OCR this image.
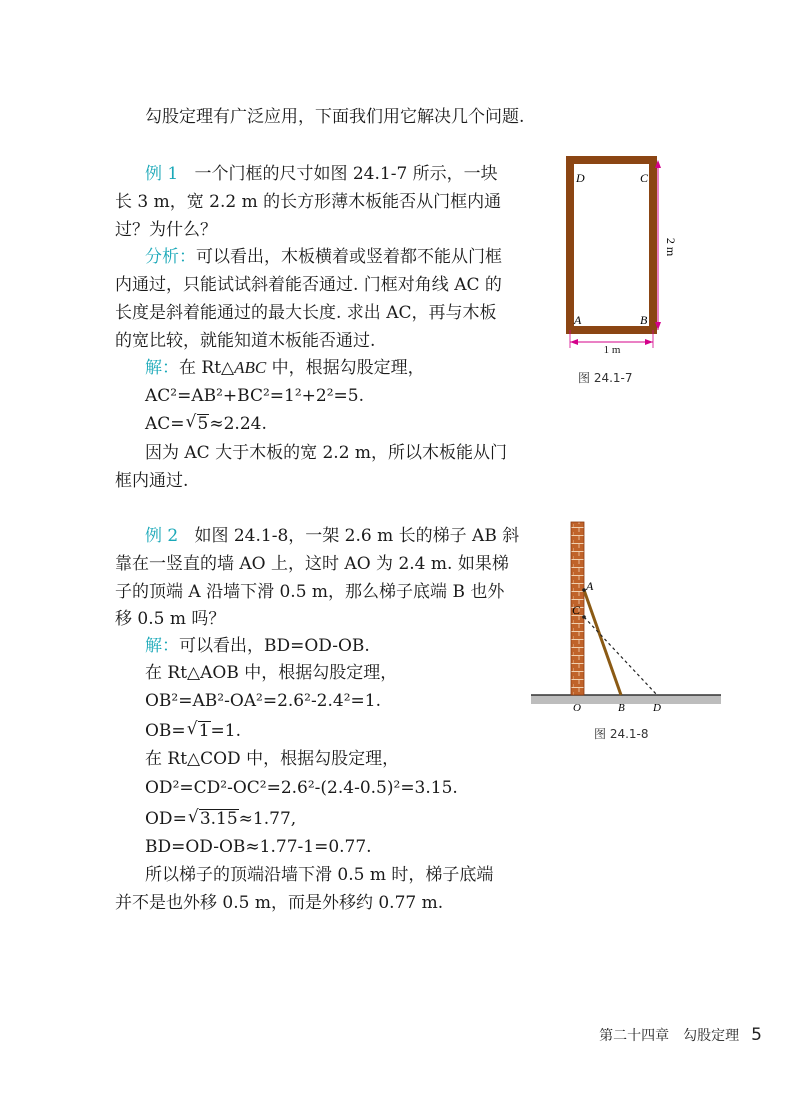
勾股定理有广泛应用，下面我们用它解决几个问题.
例 1 一个门框的尺寸如图 24.1-7 所示，一块
长 3 m，宽 2.2 m 的长方形薄木板能否从门框内通
过？为什么？
分析：可以看出，木板横着或竖着都不能从门框
内通过，只能试试斜着能否通过. 门框对角线 AC 的
长度是斜着能通过的最大长度. 求出 AC，再与木板
的宽比较，就能知道木板能否通过.
解：在 Rt△ABC 中，根据勾股定理，
AC²=AB²+BC²=1²+2²=5.
AC= √ 5≈2.24.
因为 AC 大于木板的宽 2.2 m，所以木板能从门
框内通过.
D	C
A	B
2 m
1 m
图 24.1-7
例 2 如图 24.1-8，一架 2.6 m 长的梯子 AB 斜
靠在一竖直的墙 AO 上，这时 AO 为 2.4 m. 如果梯
子的顶端 A 沿墙下滑 0.5 m，那么梯子底端 B 也外
移 0.5 m 吗？
解：可以看出，BD=OD-OB.
在 Rt△AOB 中，根据勾股定理，
OB²=AB²-OA²=2.6²-2.4²=1.
OB= √ 1=1.
在 Rt△COD 中，根据勾股定理，
OD²=CD²-OC²=2.6²-(2.4-0.5)²=3.15.
OD= √ 3.15≈1.77,
BD=OD-OB≈1.77-1=0.77.
所以梯子的顶端沿墙下滑 0.5 m 时，梯子底端
并不是也外移 0.5 m，而是外移约 0.77 m.
A
C
O	B	D
图 24.1-8
第二十四章　勾股定理 5
